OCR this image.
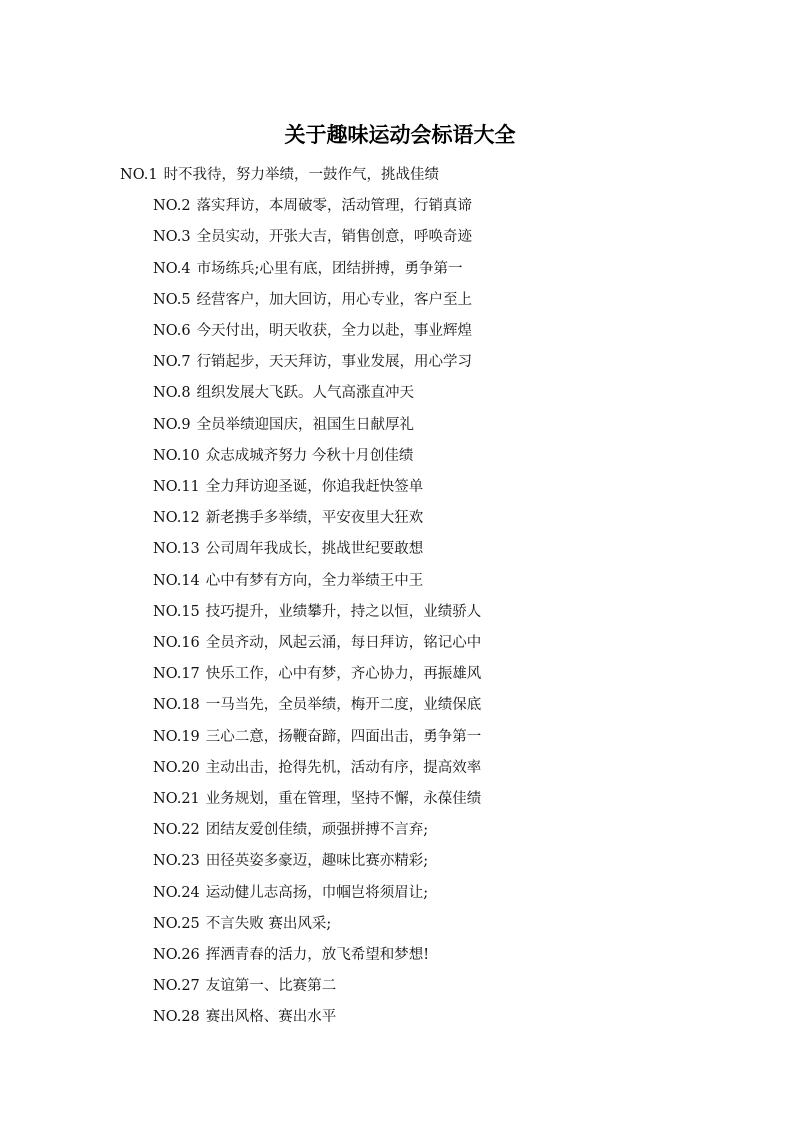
关于趣味运动会标语大全
NO.1 时不我待，努力举绩，一鼓作气，挑战佳绩
NO.2 落实拜访，本周破零，活动管理，行销真谛
NO.3 全员实动，开张大吉，销售创意，呼唤奇迹
NO.4 市场练兵;心里有底，团结拼搏，勇争第一
NO.5 经营客户，加大回访，用心专业，客户至上
NO.6 今天付出，明天收获，全力以赴，事业辉煌
NO.7 行销起步，天天拜访，事业发展，用心学习
NO.8 组织发展大飞跃。人气高涨直冲天
NO.9 全员举绩迎国庆，祖国生日献厚礼
NO.10 众志成城齐努力 今秋十月创佳绩
NO.11 全力拜访迎圣诞，你追我赶快签单
NO.12 新老携手多举绩，平安夜里大狂欢
NO.13 公司周年我成长，挑战世纪要敢想
NO.14 心中有梦有方向，全力举绩王中王
NO.15 技巧提升，业绩攀升，持之以恒，业绩骄人
NO.16 全员齐动，风起云涌，每日拜访，铭记心中
NO.17 快乐工作，心中有梦，齐心协力，再振雄风
NO.18 一马当先，全员举绩，梅开二度，业绩保底
NO.19 三心二意，扬鞭奋蹄，四面出击，勇争第一
NO.20 主动出击，抢得先机，活动有序，提高效率
NO.21 业务规划，重在管理，坚持不懈，永葆佳绩
NO.22 团结友爱创佳绩，顽强拼搏不言弃;
NO.23 田径英姿多豪迈，趣味比赛亦精彩;
NO.24 运动健儿志高扬，巾帼岂将须眉让;
NO.25 不言失败 赛出风采;
NO.26 挥洒青春的活力，放飞希望和梦想!
NO.27 友谊第一、比赛第二
NO.28 赛出风格、赛出水平
